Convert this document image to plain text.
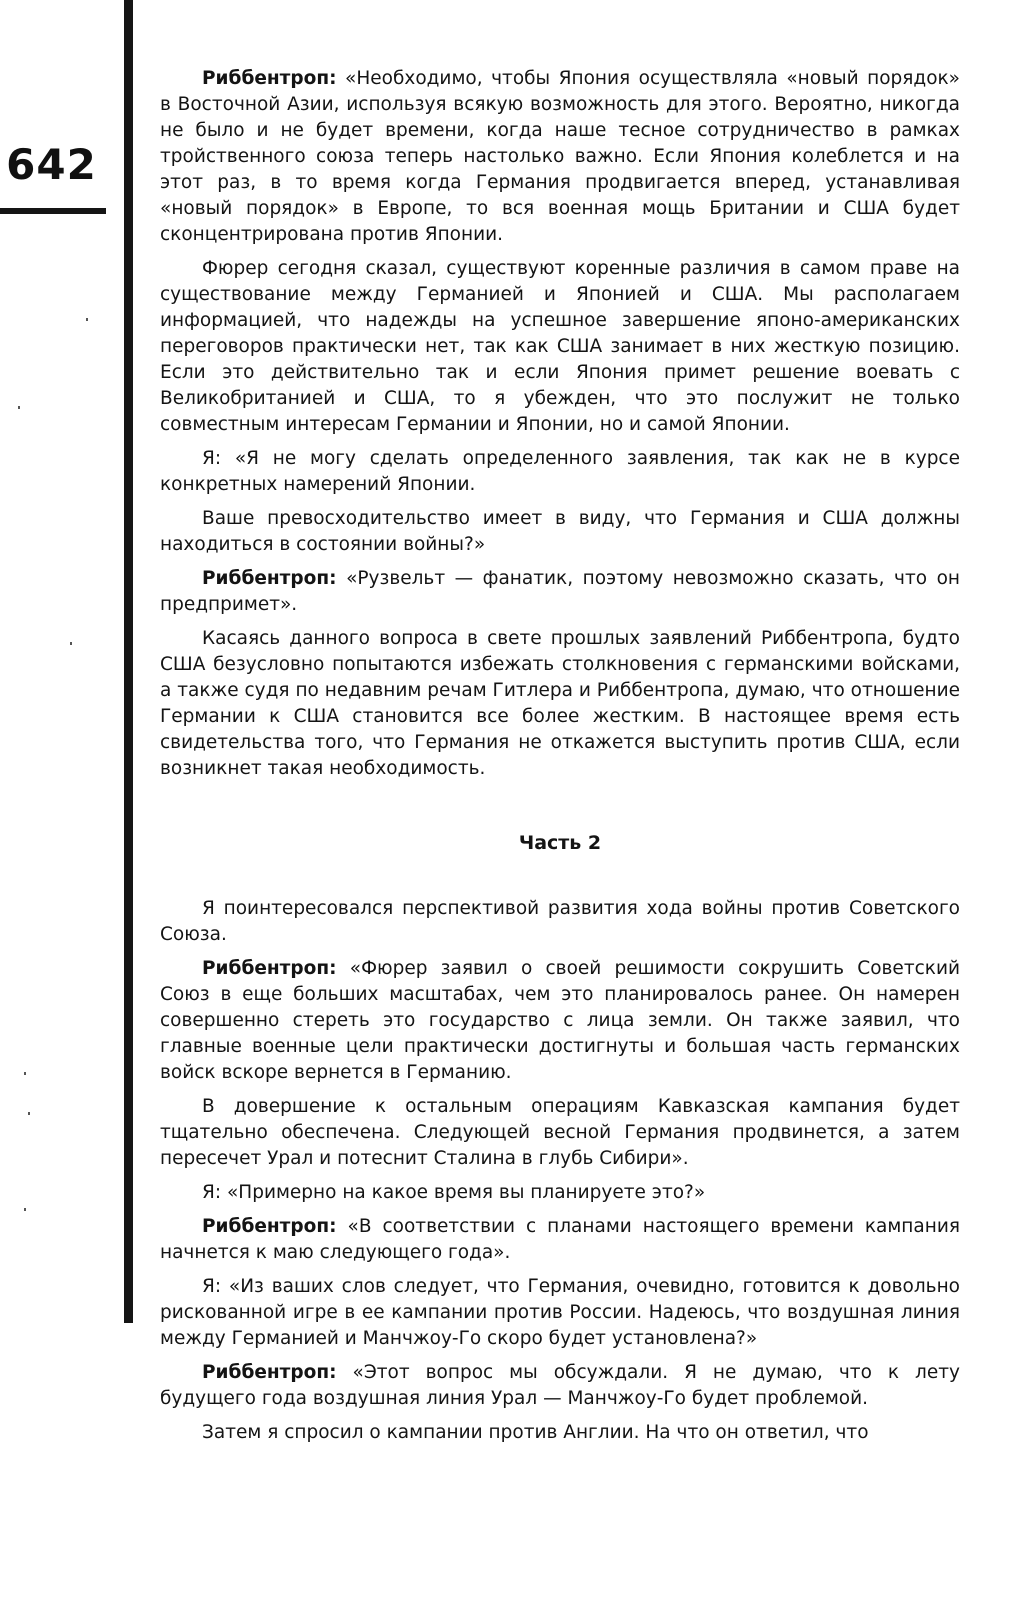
642

Риббентроп: «Необходимо, чтобы Япония осуществляла «новый порядок» в Восточной Азии, используя всякую возможность для этого. Вероятно, никогда не было и не будет времени, когда наше тесное сотрудничество в рамках тройственного союза теперь настолько важно. Если Япония колеблется и на этот раз, в то время когда Германия продвигается вперед, устанавливая «новый порядок» в Европе, то вся военная мощь Британии и США будет сконцентрирована против Японии.

Фюрер сегодня сказал, существуют коренные различия в самом праве на существование между Германией и Японией и США. Мы располагаем информацией, что надежды на успешное завершение японо-американских переговоров практически нет, так как США занимает в них жесткую позицию. Если это действительно так и если Япония примет решение воевать с Великобританией и США, то я убежден, что это послужит не только совместным интересам Германии и Японии, но и самой Японии.

Я: «Я не могу сделать определенного заявления, так как не в курсе конкретных намерений Японии.

Ваше превосходительство имеет в виду, что Германия и США должны находиться в состоянии войны?»

Риббентроп: «Рузвельт — фанатик, поэтому невозможно сказать, что он предпримет».

Касаясь данного вопроса в свете прошлых заявлений Риббентропа, будто США безусловно попытаются избежать столкновения с германскими войсками, а также судя по недавним речам Гитлера и Риббентропа, думаю, что отношение Германии к США становится все более жестким. В настоящее время есть свидетельства того, что Германия не откажется выступить против США, если возникнет такая необходимость.

Часть 2

Я поинтересовался перспективой развития хода войны против Советского Союза.

Риббентроп: «Фюрер заявил о своей решимости сокрушить Советский Союз в еще больших масштабах, чем это планировалось ранее. Он намерен совершенно стереть это государство с лица земли. Он также заявил, что главные военные цели практически достигнуты и большая часть германских войск вскоре вернется в Германию.

В довершение к остальным операциям Кавказская кампания будет тщательно обеспечена. Следующей весной Германия продвинется, а затем пересечет Урал и потеснит Сталина в глубь Сибири».

Я: «Примерно на какое время вы планируете это?»

Риббентроп: «В соответствии с планами настоящего времени кампания начнется к маю следующего года».

Я: «Из ваших слов следует, что Германия, очевидно, готовится к довольно рискованной игре в ее кампании против России. Надеюсь, что воздушная линия между Германией и Манчжоу-Го скоро будет установлена?»

Риббентроп: «Этот вопрос мы обсуждали. Я не думаю, что к лету будущего года воздушная линия Урал — Манчжоу-Го будет проблемой.

Затем я спросил о кампании против Англии. На что он ответил, что
